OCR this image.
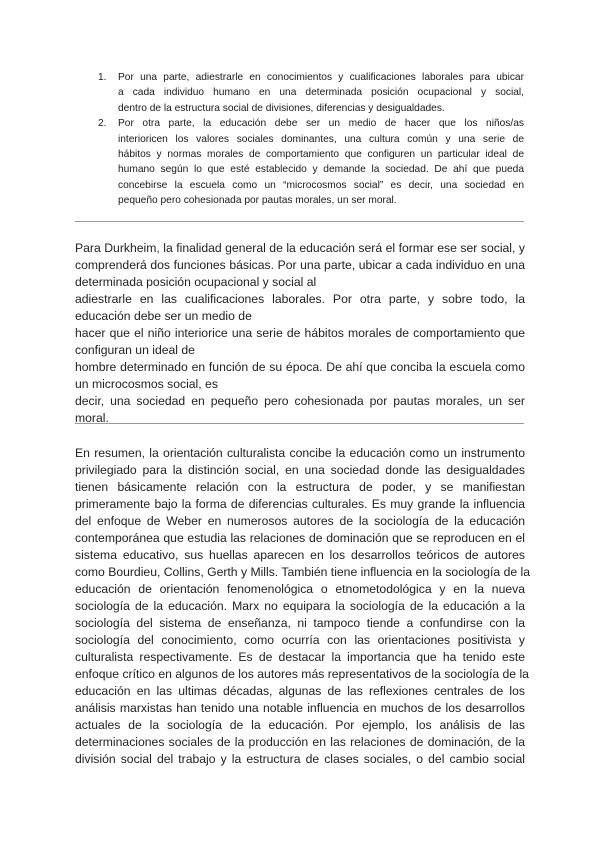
1.	Por una parte, adiestrarle en conocimientos y cualificaciones laborales para ubicar
a cada individuo humano en una determinada posición ocupacional y social,
dentro de la estructura social de divisiones, diferencias y desigualdades.
2.	Por otra parte, la educación debe ser un medio de hacer que los niños/as
interioricen los valores sociales dominantes, una cultura común y una serie de
hábitos y normas morales de comportamiento que configuren un particular ideal de
humano según lo que esté establecido y demande la sociedad. De ahí que pueda
concebirse la escuela como un “microcosmos social” es decir, una sociedad en
pequeño pero cohesionada por pautas morales, un ser moral.
Para Durkheim, la finalidad general de la educación será el formar ese ser social, y
comprenderá dos funciones básicas. Por una parte, ubicar a cada individuo en una
determinada posición ocupacional y social al
adiestrarle en las cualificaciones laborales. Por otra parte, y sobre todo, la
educación debe ser un medio de
hacer que el niño interiorice una serie de hábitos morales de comportamiento que
configuran un ideal de
hombre determinado en función de su época. De ahí que conciba la escuela como
un microcosmos social, es
decir, una sociedad en pequeño pero cohesionada por pautas morales, un ser
moral.
En resumen, la orientación culturalista concibe la educación como un instrumento
privilegiado para la distinción social, en una sociedad donde las desigualdades
tienen básicamente relación con la estructura de poder, y se manifiestan
primeramente bajo la forma de diferencias culturales. Es muy grande la influencia
del enfoque de Weber en numerosos autores de la sociología de la educación
contemporánea que estudia las relaciones de dominación que se reproducen en el
sistema educativo, sus huellas aparecen en los desarrollos teóricos de autores
como Bourdieu, Collins, Gerth y Mills. También tiene influencia en la sociología de la
educación de orientación fenomenológica o etnometodológica y en la nueva
sociología de la educación. Marx no equipara la sociología de la educación a la
sociología del sistema de enseñanza, ni tampoco tiende a confundirse con la
sociología del conocimiento, como ocurría con las orientaciones positivista y
culturalista respectivamente. Es de destacar la importancia que ha tenido este
enfoque crítico en algunos de los autores más representativos de la sociología de la
educación en las ultimas décadas, algunas de las reflexiones centrales de los
análisis marxistas han tenido una notable influencia en muchos de los desarrollos
actuales de la sociología de la educación. Por ejemplo, los análisis de las
determinaciones sociales de la producción en las relaciones de dominación, de la
división social del trabajo y la estructura de clases sociales, o del cambio social
